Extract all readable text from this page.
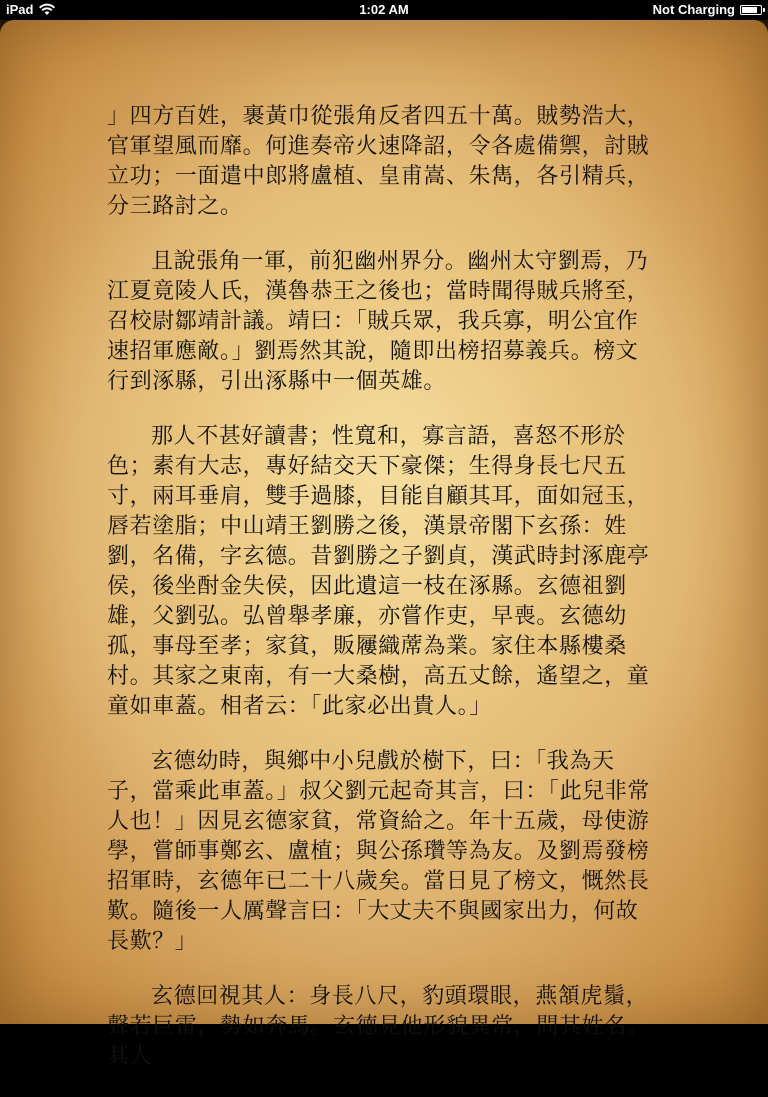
iPad	1:02 AM	Not Charging

」四方百姓，裹黃巾從張角反者四五十萬。賊勢浩大，官軍望風而靡。何進奏帝火速降詔，令各處備禦，討賊立功；一面遣中郎將盧植、皇甫嵩、朱雋，各引精兵，分三路討之。

且說張角一軍，前犯幽州界分。幽州太守劉焉，乃江夏竟陵人氏，漢魯恭王之後也；當時聞得賊兵將至，召校尉鄒靖計議。靖曰：「賊兵眾，我兵寡，明公宜作速招軍應敵。」劉焉然其說，隨即出榜招募義兵。榜文行到涿縣，引出涿縣中一個英雄。

那人不甚好讀書；性寬和，寡言語，喜怒不形於色；素有大志，專好結交天下豪傑；生得身長七尺五寸，兩耳垂肩，雙手過膝，目能自顧其耳，面如冠玉，唇若塗脂；中山靖王劉勝之後，漢景帝閣下玄孫：姓劉，名備，字玄德。昔劉勝之子劉貞，漢武時封涿鹿亭侯，後坐酎金失侯，因此遺這一枝在涿縣。玄德祖劉雄，父劉弘。弘曾舉孝廉，亦嘗作吏，早喪。玄德幼孤，事母至孝；家貧，販屨織蓆為業。家住本縣樓桑村。其家之東南，有一大桑樹，高五丈餘，遙望之，童童如車蓋。相者云：「此家必出貴人。」

玄德幼時，與鄉中小兒戲於樹下，曰：「我為天子，當乘此車蓋。」叔父劉元起奇其言，曰：「此兒非常人也！」因見玄德家貧，常資給之。年十五歲，母使游學，嘗師事鄭玄、盧植；與公孫瓚等為友。及劉焉發榜招軍時，玄德年已二十八歲矣。當日見了榜文，慨然長歎。隨後一人厲聲言曰：「大丈夫不與國家出力，何故長歎？」

玄德回視其人：身長八尺，豹頭環眼，燕頷虎鬚，聲若巨雷，勢如奔馬。玄德見他形貌異常，問其姓名。其人
